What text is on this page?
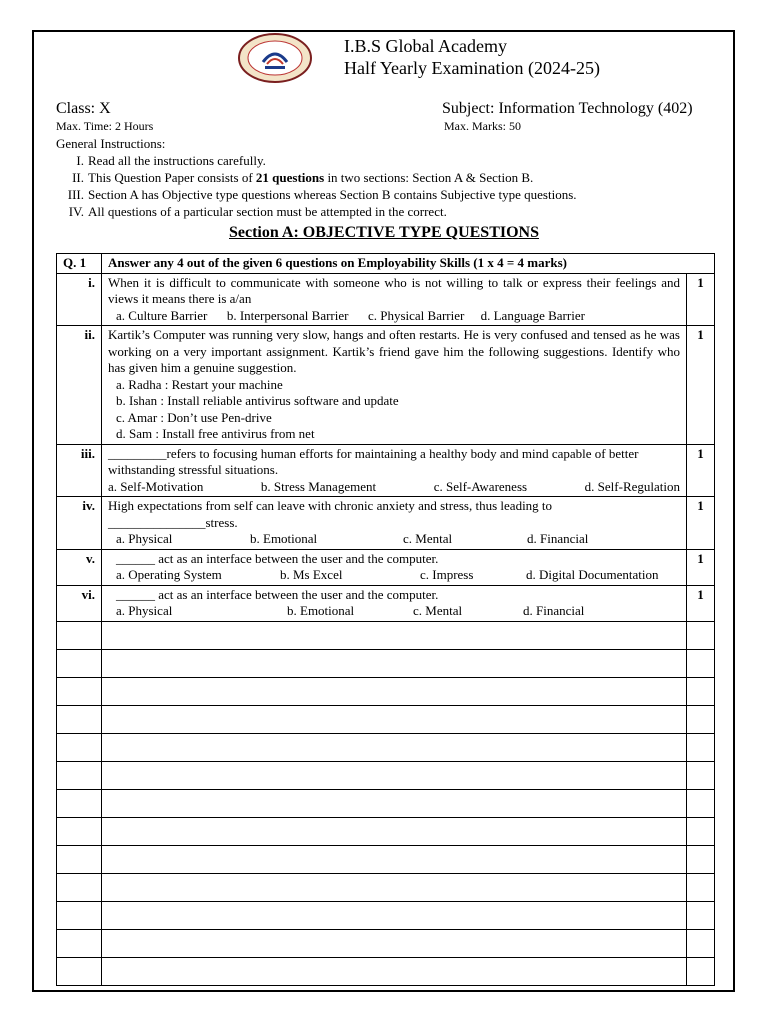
I.B.S Global Academy
Half Yearly Examination (2024-25)
Class: X	Subject: Information Technology (402)
Max. Time: 2 Hours	Max. Marks: 50
General Instructions:
I. Read all the instructions carefully.
II. This Question Paper consists of 21 questions in two sections: Section A & Section B.
III. Section A has Objective type questions whereas Section B contains Subjective type questions.
IV. All questions of a particular section must be attempted in the correct.
Section A: OBJECTIVE TYPE QUESTIONS
Q. 1	Answer any 4 out of the given 6 questions on Employability Skills (1 x 4 = 4 marks)	
i.	When it is difficult to communicate with someone who is not willing to talk or express their feelings and views it means there is a/an
a. Culture Barrier b. Interpersonal Barrier c. Physical Barrier d. Language Barrier	1
ii.	Kartik’s Computer was running very slow, hangs and often restarts. He is very confused and tensed as he was working on a very important assignment. Kartik’s friend gave him the following suggestions. Identify who has given him a genuine suggestion.
a. Radha : Restart your machine
b. Ishan : Install reliable antivirus software and update
c. Amar : Don’t use Pen-drive
d. Sam : Install free antivirus from net	1
iii.	_________refers to focusing human efforts for maintaining a healthy body and mind capable of better withstanding stressful situations.
a. Self-Motivation b. Stress Management c. Self-Awareness d. Self-Regulation	1
iv.	High expectations from self can leave with chronic anxiety and stress, thus leading to _______________stress.
a. Physical b. Emotional c. Mental d. Financial	1
v.	______ act as an interface between the user and the computer.
a. Operating System b. Ms Excel c. Impress d. Digital Documentation	1
vi.	______ act as an interface between the user and the computer.
a. Physical b. Emotional c. Mental d. Financial	1
